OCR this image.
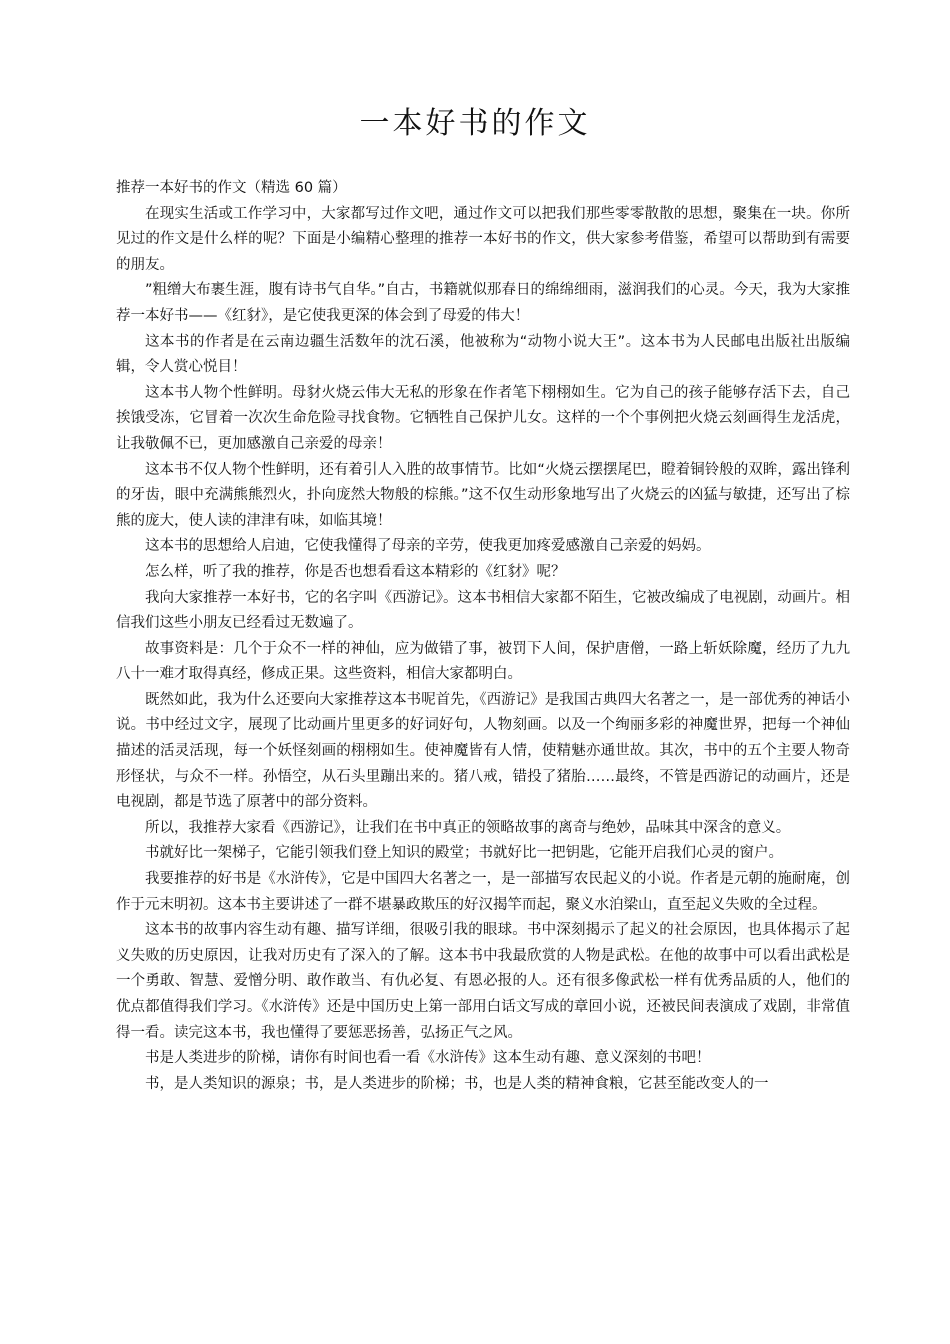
一本好书的作文

推荐一本好书的作文（精选 60 篇）

在现实生活或工作学习中，大家都写过作文吧，通过作文可以把我们那些零零散散的思想，聚集在一块。你所见过的作文是什么样的呢？下面是小编精心整理的推荐一本好书的作文，供大家参考借鉴，希望可以帮助到有需要的朋友。

”粗缯大布裹生涯，腹有诗书气自华。”自古，书籍就似那春日的绵绵细雨，滋润我们的心灵。今天，我为大家推荐一本好书——《红豺》，是它使我更深的体会到了母爱的伟大！

这本书的作者是在云南边疆生活数年的沈石溪，他被称为“动物小说大王”。这本书为人民邮电出版社出版编辑，令人赏心悦目！

这本书人物个性鲜明。母豺火烧云伟大无私的形象在作者笔下栩栩如生。它为自己的孩子能够存活下去，自己挨饿受冻，它冒着一次次生命危险寻找食物。它牺牲自己保护儿女。这样的一个个事例把火烧云刻画得生龙活虎，让我敬佩不已，更加感激自己亲爱的母亲！

这本书不仅人物个性鲜明，还有着引人入胜的故事情节。比如“火烧云摆摆尾巴，瞪着铜铃般的双眸，露出锋利的牙齿，眼中充满熊熊烈火，扑向庞然大物般的棕熊。”这不仅生动形象地写出了火烧云的凶猛与敏捷，还写出了棕熊的庞大，使人读的津津有味，如临其境！

这本书的思想给人启迪，它使我懂得了母亲的辛劳，使我更加疼爱感激自己亲爱的妈妈。

怎么样，听了我的推荐，你是否也想看看这本精彩的《红豺》呢？

我向大家推荐一本好书，它的名字叫《西游记》。这本书相信大家都不陌生，它被改编成了电视剧，动画片。相信我们这些小朋友已经看过无数遍了。

故事资料是：几个于众不一样的神仙，应为做错了事，被罚下人间，保护唐僧，一路上斩妖除魔，经历了九九八十一难才取得真经，修成正果。这些资料，相信大家都明白。

既然如此，我为什么还要向大家推荐这本书呢首先，《西游记》是我国古典四大名著之一，是一部优秀的神话小说。书中经过文字，展现了比动画片里更多的好词好句，人物刻画。以及一个绚丽多彩的神魔世界，把每一个神仙描述的活灵活现，每一个妖怪刻画的栩栩如生。使神魔皆有人情，使精魅亦通世故。其次，书中的五个主要人物奇形怪状，与众不一样。孙悟空，从石头里蹦出来的。猪八戒，错投了猪胎……最终，不管是西游记的动画片，还是电视剧，都是节选了原著中的部分资料。

所以，我推荐大家看《西游记》，让我们在书中真正的领略故事的离奇与绝妙，品味其中深含的意义。

书就好比一架梯子，它能引领我们登上知识的殿堂；书就好比一把钥匙，它能开启我们心灵的窗户。

我要推荐的好书是《水浒传》，它是中国四大名著之一，是一部描写农民起义的小说。作者是元朝的施耐庵，创作于元末明初。这本书主要讲述了一群不堪暴政欺压的好汉揭竿而起，聚义水泊梁山，直至起义失败的全过程。

这本书的故事内容生动有趣、描写详细，很吸引我的眼球。书中深刻揭示了起义的社会原因，也具体揭示了起义失败的历史原因，让我对历史有了深入的了解。这本书中我最欣赏的人物是武松。在他的故事中可以看出武松是一个勇敢、智慧、爱憎分明、敢作敢当、有仇必复、有恩必报的人。还有很多像武松一样有优秀品质的人，他们的优点都值得我们学习。《水浒传》还是中国历史上第一部用白话文写成的章回小说，还被民间表演成了戏剧，非常值得一看。读完这本书，我也懂得了要惩恶扬善，弘扬正气之风。

书是人类进步的阶梯，请你有时间也看一看《水浒传》这本生动有趣、意义深刻的书吧！

书，是人类知识的源泉；书，是人类进步的阶梯；书，也是人类的精神食粮，它甚至能改变人的一
